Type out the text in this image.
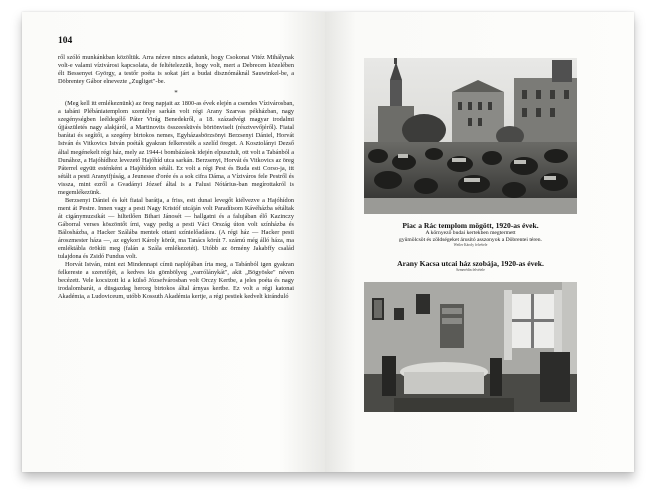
104

ről szóló munkánkban közöltük. Arra nézve nincs adatunk, hogy Csokonai Vitéz Mihálynak volt-e valami vízivárosi kapcsolata, de feltételezzük, hogy volt, mert a Debrecen közelében élt Bessenyei György, a testőr poéta is sokat járt a budai disznómáknál Sauwinkel-be, a Döbrentey Gábor elnevezte „Zugliget"-be.

*

(Meg kell itt emlékeznünk) az öreg napjait az 1800-as évek elején a csendes Vízivárosban, a tabáni Plébániatemplom szentélye sarkán volt régi Arany Szarvas pékházban, nagy szegénységben leéldegélő Páter Virág Benedekről, a 18. századvégi magyar irodalmi újjászületés nagy alakjáról, a Martinovits összeesküvés börtönviselt (résztvevőjéről). Fiatal barátai és segítői, a szegény birtokos nemes, Egyházasbörzsönyi Berzsenyi Dániel, Horvát István és Vitkovics István poéták gyakran felkeresték a szelíd öreget. A Kosztolányi Dezső által megénekelt régi ház, mely az 1944-i bombázások idején elpusztult, ott volt a Tabánból a Dunához, a Hajóhídhoz levezető Hajóhíd utca sarkán. Berzsenyi, Horvát és Vitkovics az öreg Páterrel együtt esténként a Hajóhídon sétált. Ez volt a régi Pest és Buda esti Corso-ja, itt sétált a pesti Aranyifjúság, a Jeunesse d'orée és a sok cifra Dáma, a Víziváros fele Pestről és vissza, mint ezről a Gvadányi József által is a Falusi Nótárius-ban megírottakról is megemlékezünk.

Berzsenyi Dániel és két fiatal barátja, a friss, esti dunai levegőt kiélvezve a Hajóhídon ment át Pestre. Innen vagy a pesti Nagy Kristóf utcáján volt Paradítsom Kávéházba sétáltak át cigánymuzsikát — hiltetlően Bihari Jánosét — hallgatni és a falujában élő Kazinczy Gáborral verses köszöntőt írni, vagy pedig a pesti Váci Ország úton volt színházba és Bálosházba, a Hacker Szálába mentek ottani színielőadásra. (A régi ház — Hacker pesti ároszmester háza —, az egykori Károly körút, ma Tanács körút 7. számú még álló háza, ma emléktábla örökíti meg (falán a Szála emlékezetét). Utóbb az örmény Jakabffy család tulajdona és Zsidó Fundus volt.

Horvát István, mint ezt Mindennapi címü naplójában írta meg, a Tabánból igen gyakran felkereste a szeretőjét, a kedves kis gömbölyeg „varrólánykát", akit „Bögyöske" néven becézett. Vele kocsizott ki a külső Józsefvárosban volt Orczy Kertbe, a jeles poéta és nagy irodalombarát, a düsgazdag herceg birtokos által árnyas kertbe. Ez volt a régi katonai Akadémia, a Ludoviceum, utóbb Kossuth Akadémia kertje, a régi pestiek kedvelt kiránduló

Piac a Rác templom mögött, 1920-as évek.
A környező budai kertekben megtermett
gyümölcsöt és zöldségeket árusító asszonyok a Döbrentei téren.
Weiler Károly felvétele
Arany Kacsa utcai ház szobája, 1920-as évek.
Szmerédin felvétele
